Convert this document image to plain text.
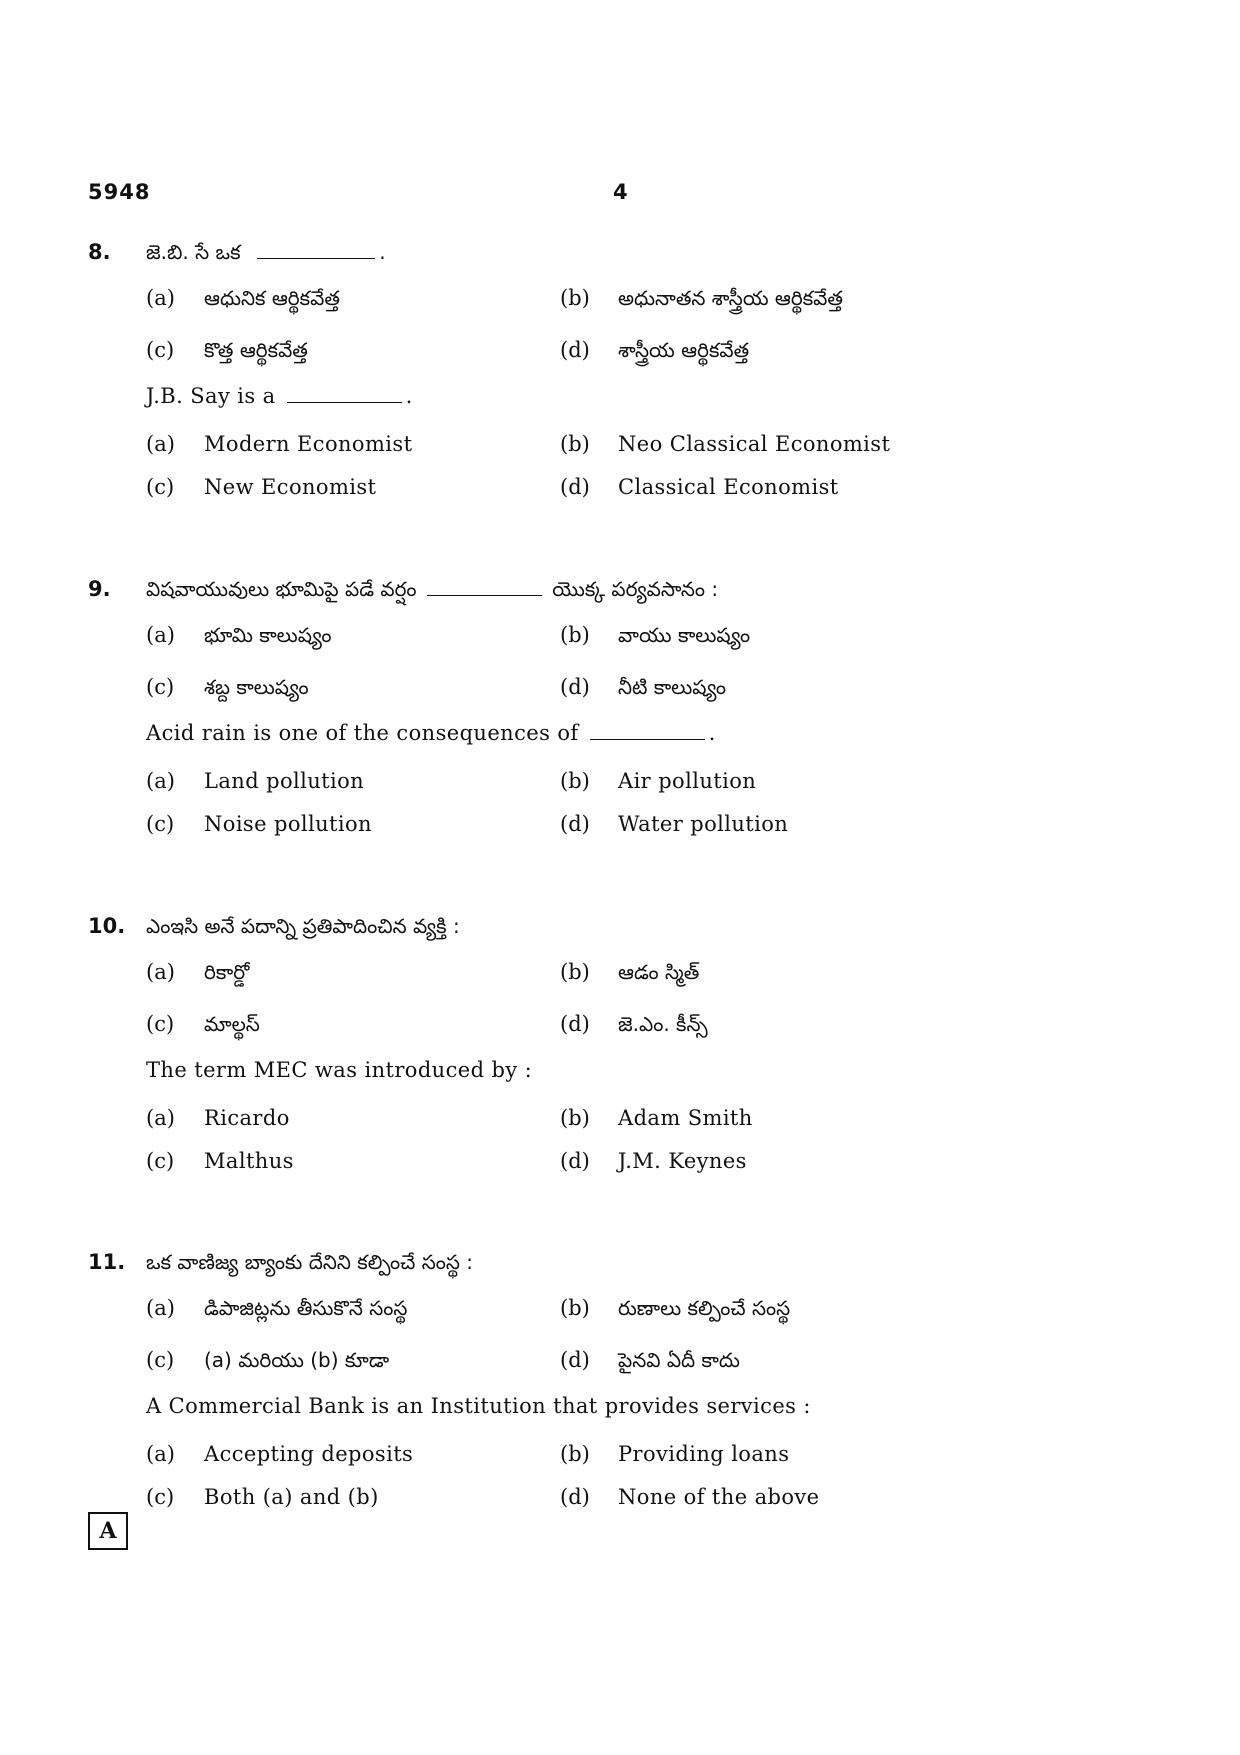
5948	4
8. జె.బి. సే ఒక	.
(a) ఆధునిక ఆర్థికవేత్త	(b) అధునాతన శాస్త్రీయ ఆర్థికవేత్త
(c) కొత్త ఆర్థికవేత్త	(d) శాస్త్రీయ ఆర్థికవేత్త
J.B. Say is a	.
(a) Modern Economist	(b) Neo Classical Economist
(c) New Economist	(d) Classical Economist
9. విషవాయువులు భూమిపై పడే వర్షం	యొక్క పర్యవసానం :
(a) భూమి కాలుష్యం	(b) వాయు కాలుష్యం
(c) శబ్ద కాలుష్యం	(d) నీటి కాలుష్యం
Acid rain is one of the consequences of	.
(a) Land pollution	(b) Air pollution
(c) Noise pollution	(d) Water pollution
10. ఎంఇసి అనే పదాన్ని ప్రతిపాదించిన వ్యక్తి :
(a) రికార్డో	(b) ఆడం స్మిత్
(c) మాల్థస్	(d) జె.ఎం. కీన్స్
The term MEC was introduced by :
(a) Ricardo	(b) Adam Smith
(c) Malthus	(d) J.M. Keynes
11. ఒక వాణిజ్య బ్యాంకు దేనిని కల్పించే సంస్థ :
(a) డిపాజిట్లను తీసుకొనే సంస్థ	(b) రుణాలు కల్పించే సంస్థ
(c) (a) మరియు (b) కూడా	(d) పైనవి ఏదీ కాదు
A Commercial Bank is an Institution that provides services :
(a) Accepting deposits	(b) Providing loans
(c) Both (a) and (b)	(d) None of the above
A
